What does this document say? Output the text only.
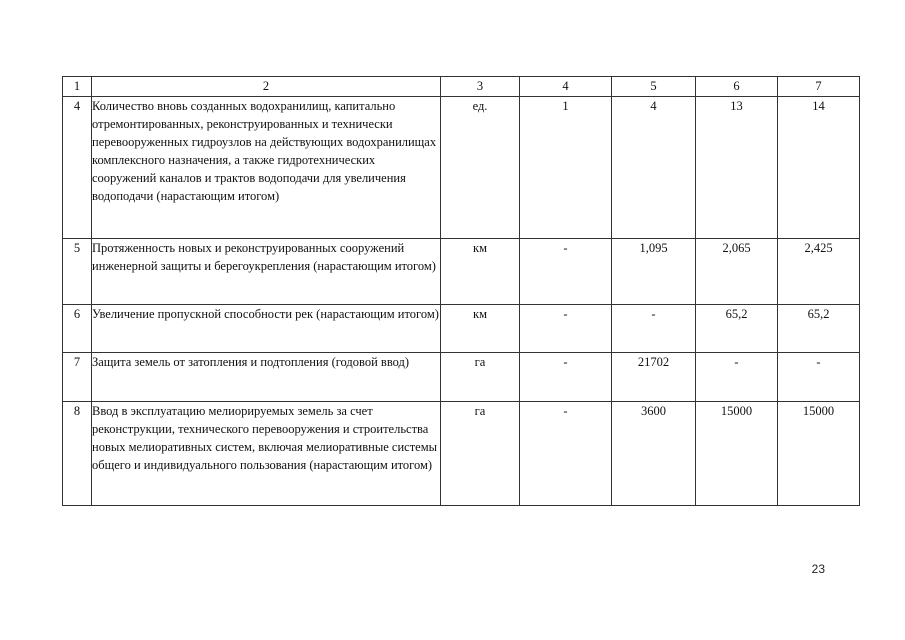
1	2	3	4	5	6	7
4	Количество вновь созданных водохранилищ, капитально отремонтированных, реконструированных и технически перевооруженных гидроузлов на действующих водохранилищах комплексного назначения, а также гидротехнических сооружений каналов и трактов водоподачи для увеличения водоподачи (нарастающим итогом)	ед.	1	4	13	14
5	Протяженность новых и реконструированных сооружений инженерной защиты и берегоукрепления (нарастающим итогом)	км	-	1,095	2,065	2,425
6	Увеличение пропускной способности рек (нарастающим итогом)	км	-	-	65,2	65,2
7	Защита земель от затопления и подтопления (годовой ввод)	га	-	21702	-	-
8	Ввод в эксплуатацию мелиорируемых земель за счет реконструкции, технического перевооружения и строительства новых мелиоративных систем, включая мелиоративные системы общего и индивидуального пользования (нарастающим итогом)	га	-	3600	15000	15000
23
